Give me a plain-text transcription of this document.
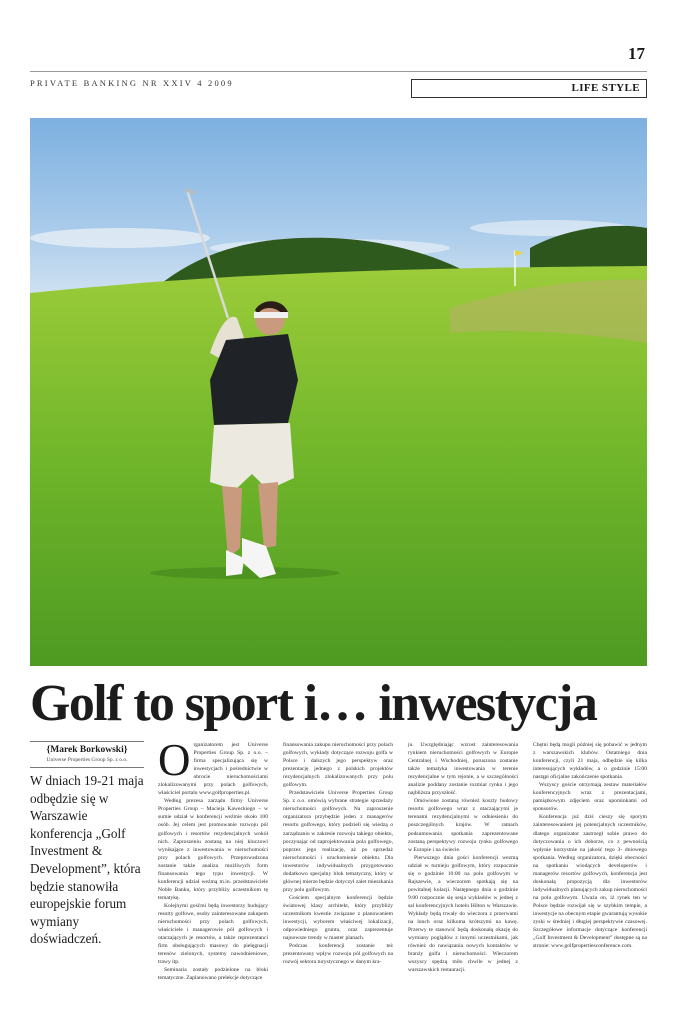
17
PRIVATE BANKING NR XXIV 4 2009	LIFE STYLE
Golf to sport i… inwestycja
{Marek Borkowski}
Universe Properties Group Sp. z o.o.
W dniach 19-21 maja odbędzie się w Warszawie konferencja „Golf Investment & Development”, która będzie stanowiła europejskie forum wymiany doświadczeń.

Organizatorem jest Universe Properties Group Sp. z o.o. – firma specjalizująca się w inwestycjach i pośrednictwie w obrocie nieruchomościami zlokalizowanymi przy polach golfowych, właściciel portalu www.golfproperties.pl.

Według prezesa zarządu firmy Universe Properties Group – Macieja Kaweckiego – w sumie udział w konferencji weźmie około 100 osób. Jej celem jest promowanie rozwoju pól golfowych i resortów rezydencjalnych wokół nich. Zaproszeniu zostaną na niej kluczowi wynikające z inwestowania w nieruchomości przy polach golfowych. Przeprowadzona zostanie także analiza możliwych form finansowania tego typu inwestycji. W konferencji udział weźmą m.in. przedstawiciele Noble Banku, który przybliży uczestnikom tę tematykę.

Kolejnymi gośćmi będą inwestorzy budujący resorty golfowe, osoby zainteresowane zakupem nieruchomości przy polach golfowych, właściciele i managerowie pól golfowych i otaczających je resortów, a także reprezentanci firm obsługujących masowy do pielęgnacji terenów zielonych, systemy nawodnieniowe, trawy itp.

Seminaria zostały podzielone na bloki tematyczne. Zaplanowano prelekcje dotyczące

finansowania zakupu nieruchomości przy polach golfowych, wykłady dotyczące rozwoju golfa w Polsce i dalszych jego perspektyw oraz prezentację jednego z polskich projektów rezydencjalnych zlokalizowanych przy polu golfowym.

Przedstawiciele Universe Properties Group Sp. z o.o. omówią wybrane strategie sprzedaży nieruchomości golfowych. Na zaproszenie organizatora przybędzie jeden z managerów resortu golfowego, który podzieli się wiedzą o zarządzaniu w zakresie rozwoju takiego obiektu, poczynając od zaprojektowania pola golfowego, poprzez jego realizację, aż po sprzedaż nieruchomości i uruchomienie obiektu. Dla inwestorów indywidualnych przygotowano dodatkowo specjalny blok tematyczny, który w głównej mierze będzie dotyczył zalet mieszkania przy polu golfowym.

Gościem specjalnym konferencji będzie światowej klasy architekt, który przybliży uczestnikom kwestie związane z planowaniem inwestycji, wyborem właściwej lokalizacji, odpowiedniego gruntu, oraz zaprezentuje najnowsze trendy w master planach.

Podczas konferencji zostanie też prezentowany wpływ rozwoju pól golfowych na rozwój sektora turystycznego w danym kra-

ju. Uwzględniając wzrost zainteresowania rynkiem nieruchomości golfowych w Europie Centralnej i Wschodniej, poruszona zostanie także tematyka inwestowania w terenie rezydencjalne w tym rejonie, a w szczególności analizie poddany zostanie rozmiar rynku i jego najbliższa przyszłość.

Omówione zostaną również koszty budowy resortu golfowego wraz z otaczającymi je terenami rezydencjalnymi w odniesieniu do poszczególnych krajów. W ramach podsumowania spotkania zaprezentowane zostaną perspektywy rozwoju rynku golfowego w Europie i na świecie.

Pierwszego dnia gości konferencji wezmą udział w turnieju golfowym, który rozpocznie się o godzinie 10:00 na polu golfowym w Rajszewie, a wieczorem spotkają się na powitalnej kolacji. Następnego dnia o godzinie 9:00 rozpocznie się sesja wykładów w jednej z sal konferencyjnych hotelu Hilton w Warszawie. Wykłady będą trwały do wieczora z przerwami na lunch oraz kilkoma krótszymi na kawę. Przerwy te stanowić będą doskonałą okazję do wymiany poglądów z innymi uczestnikami, jak również do nawiązania nowych kontaktów w branży golfa i nieruchomości. Wieczorem wszyscy spędzą miło chwile w jednej z warszawskich restauracji.

Chętni będą mogli później się pobawić w jednym z warszawskich klubów. Ostatniego dnia konferencji, czyli 21 maja, odbędzie się kilka interesujących wykładów, a o godzinie 15:00 nastąpi oficjalne zakończenie spotkania.

Wszyscy goście otrzymają zestaw materiałów konferencyjnych wraz z prezentacjami, pamiątkowym zdjęciem oraz upominkami od sponsorów.

Konferencja już dziś cieszy się sporym zainteresowaniem jej potencjalnych uczestników, dlatego organizator zastrzegł sobie prawo do dotyczowania o ich doborze, co z pewnością wpłynie korzystnie na jakość tego 3- dniowego spotkania. Według organizatora, dzięki obecności na spotkaniu wiodących developerów i managerów resortów golfowych, konferencja jest doskonałą propozycją dla inwestorów indywidualnych planujących zakup nieruchomości na polu golfowym. Uważa on, iż rynek ten w Polsce będzie rozwijał się w szybkim tempie, a inwestycje na obecnym etapie gwarantują wysokie zyski w średniej i długiej perspektywie czasowej. Szczegółowe informacje dotyczące konferencji „Golf Investment & Development” dostępne są na stronie: www.golfpropertiesconference.com.
